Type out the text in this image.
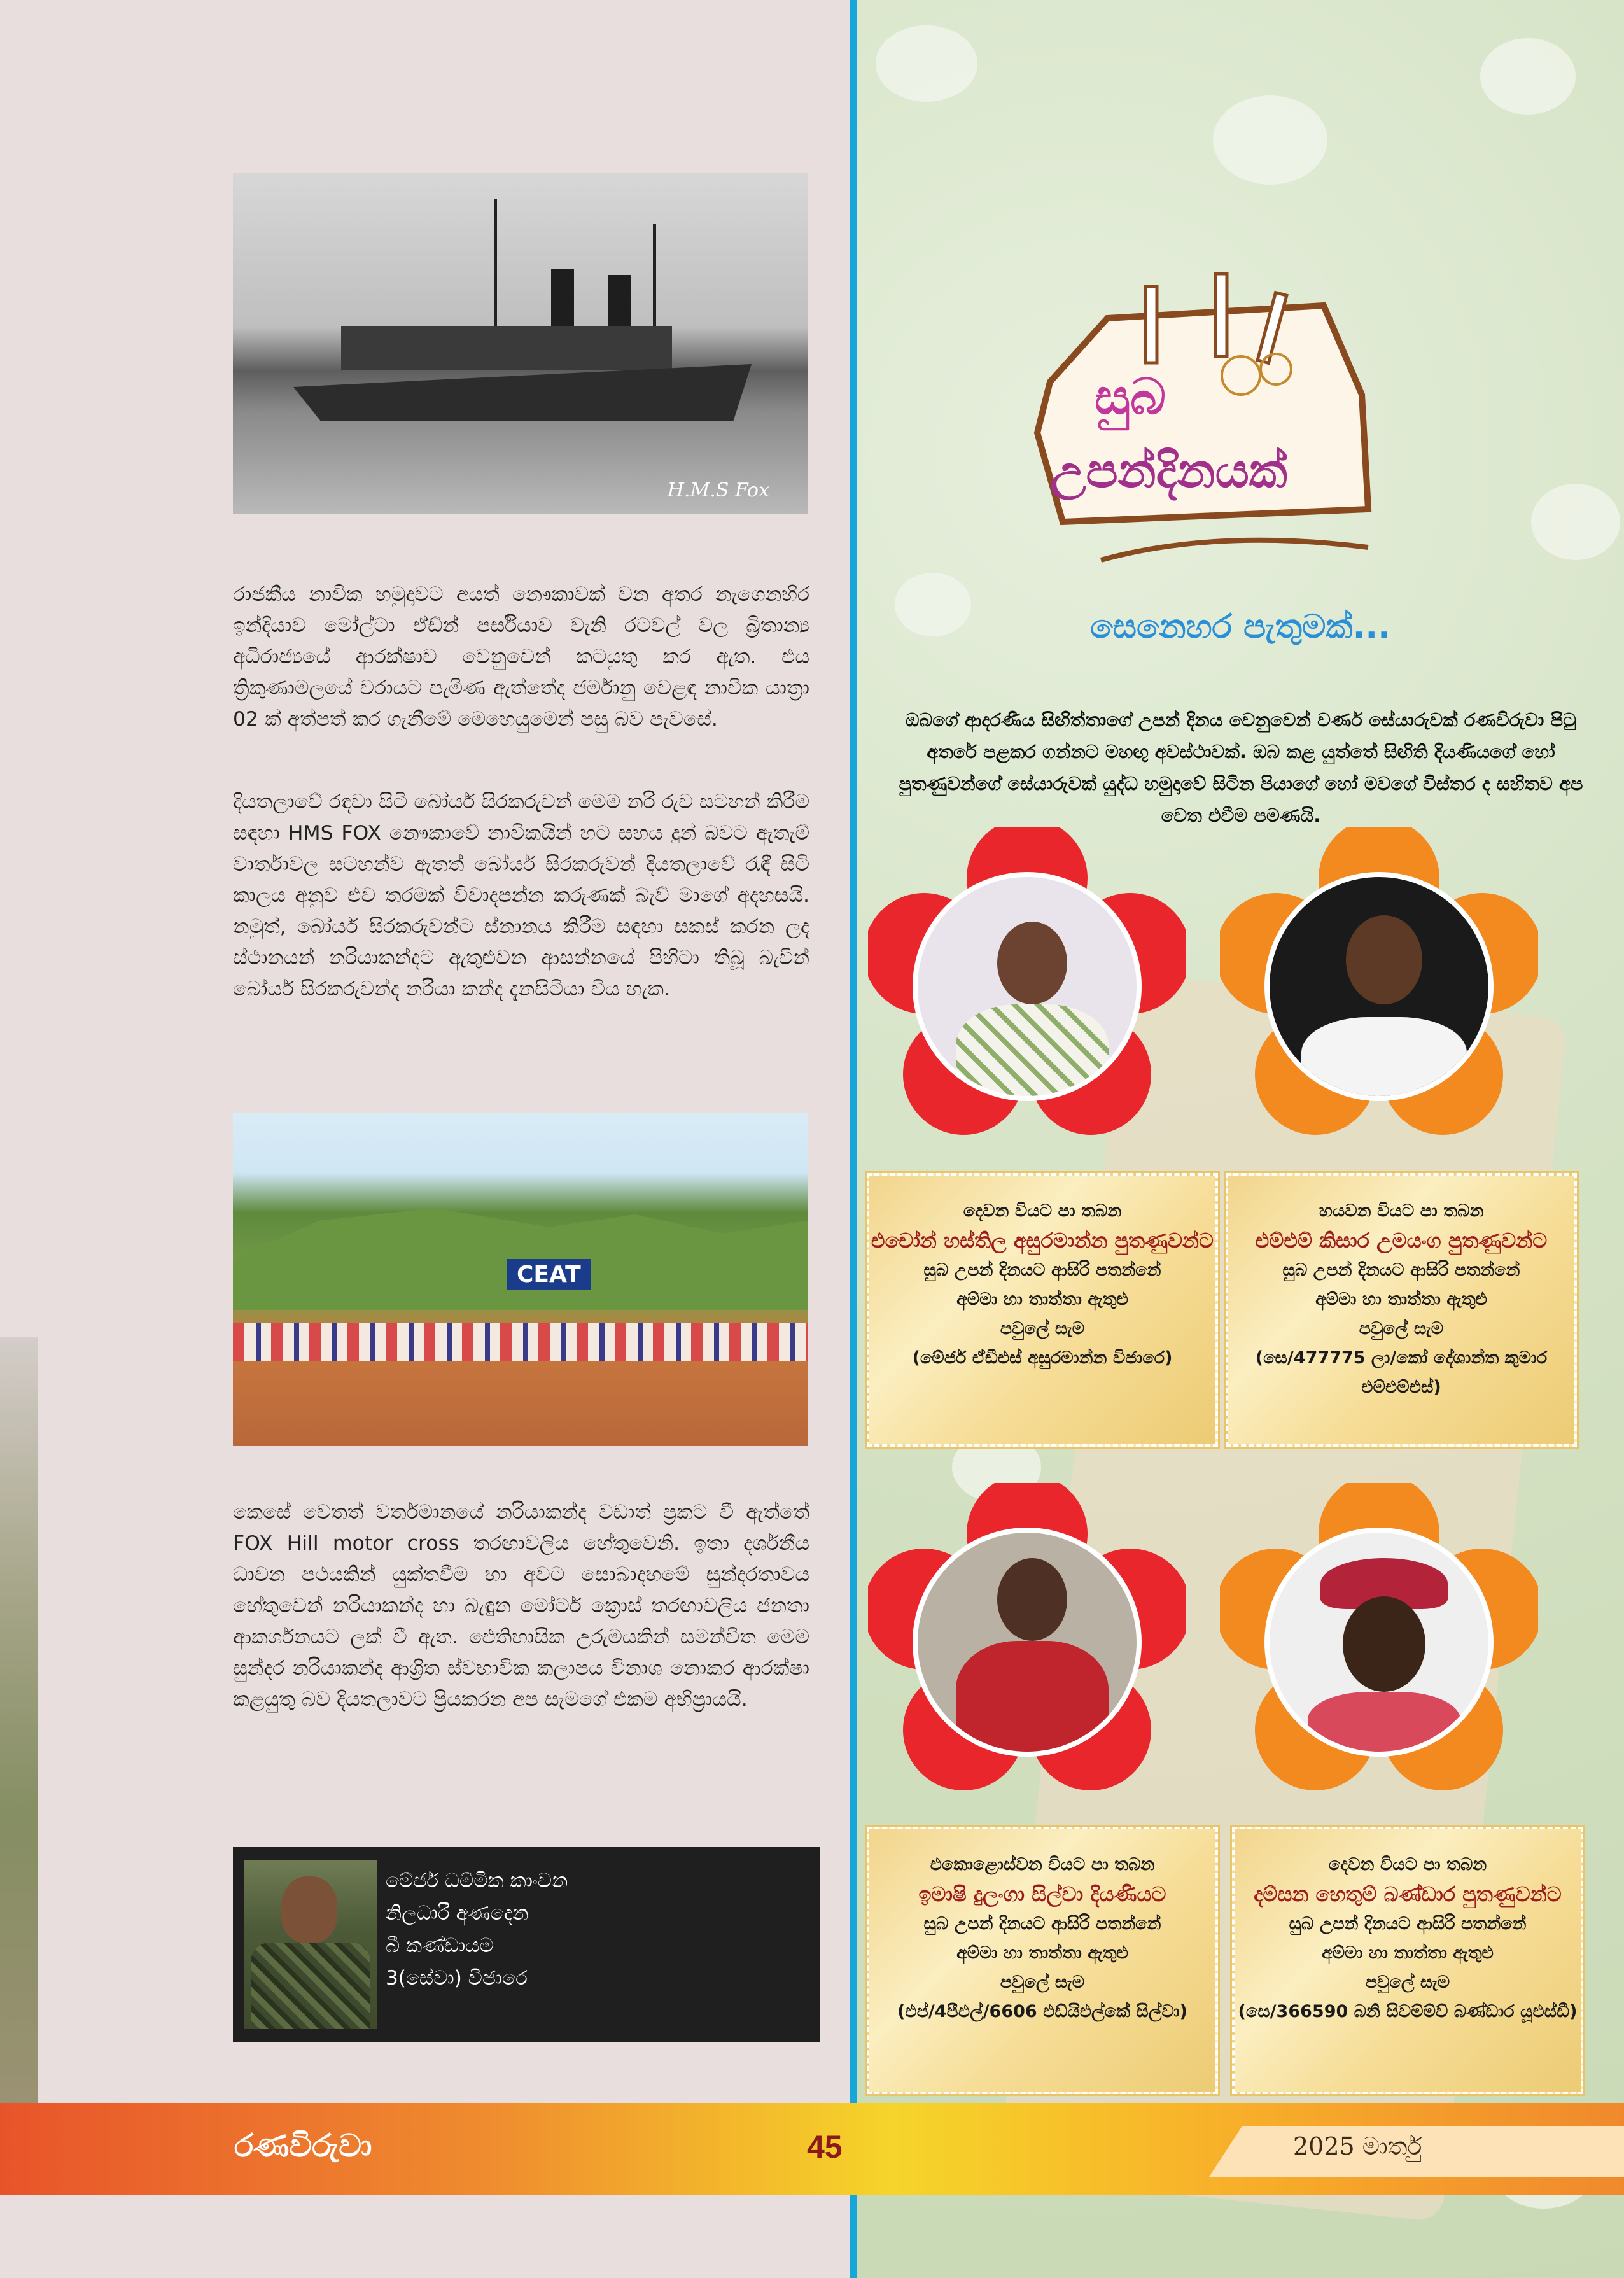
H.M.S Fox

රාජකීය නාවික හමුදාවට අයත් නෞකාවක් වන අතර නැගෙනහිර ඉන්දියාව මෝල්ටා ඒඩ්න් පර්සියාව වැනි රටවල් වල බ්‍රිතාන්‍ය අධිරාජ්‍යයේ ආරක්ෂාව වෙනුවෙන් කටයුතු කර ඇත. එය ත්‍රිකුණාමලයේ වරායට පැමිණ ඇත්තේද ජර්මානු වෙළඳ නාවික යාත්‍රා 02 ක් අත්පත් කර ගැනීමේ මෙහෙයුමෙන් පසු බව පැවසේ.

දියතලාවේ රඳවා සිටි බෝයර් සිරකරුවන් මෙම නරි රුව සටහන් කිරීම සඳහා HMS FOX නෞකාවේ නාවිකයින් හට සහය දුන් බවට ඇතැම් වාර්තාවල සටහන්ව ඇතත් බෝයර් සිරකරුවන් දියතලාවේ රැඳී සිටි කාලය අනුව එව තරමක් විවාදපන්න කරුණක් බැව් මාගේ අදහසයි. නමුත්, බෝයර් සිරකරුවන්ට ස්නානය කිරීම සඳහා සකස් කරන ලද ස්ථානයන් නරියාකන්දට ඇතුළුවන ආසන්නයේ පිහිටා තිබූ බැවින් බෝයර් සිරකරුවන්ද නරියා කන්ද දැනසිටියා විය හැක.

CEAT

කෙසේ වෙතත් වර්තමානයේ නරියාකන්ද වඩාත් ප්‍රකට වී ඇත්තේ FOX Hill motor cross තරඟාවලිය හේතුවෙනි. ඉතා දර්ශනීය ධාවන පථයකින් යුක්තවීම හා අවට සොබාදහමේ සුන්දරතාවය හේතුවෙන් නරියාකන්ද හා බැඳුන මෝටර් ක්‍රොස් තරඟාවලිය ජනතා ආකර්ශනයට ලක් වී ඇත. ඓතිහාසික උරුමයකින් සමන්විත මෙම සුන්දර නරියාකන්ද ආශ්‍රිත ස්වභාවික කලාපය විනාශ නොකර ආරක්ෂා කළයුතු බව දියතලාවට ප්‍රියකරන අප සැමගේ එකම අභිප්‍රායයි.

මේජර් ධම්මික කාංචන
නිලධාරී අණදෙන
බී කණ්ඩායම
3(සේවා) විජාරෙ
සුබ
උපන්දිනයක්
සෙනෙහර පැතුමක්...
ඔබගේ ආදරණීය සිඟිත්තාගේ උපන් දිනය වෙනුවෙන් වර්ණ සේයාරුවක් රණවිරුවා පිටු අතරේ පළකර ගන්නට මහඟු අවස්ථාවක්. ඔබ කළ යුත්තේ සිඟිති දියණියගේ හෝ පුතණුවන්ගේ සේයාරුවක් යුද්ධ හමුදාවේ සිටින පියාගේ හෝ මවගේ විස්තර ද සහිතව අප වෙත එවීම පමණයි.
දෙවන වියට පා තබන
එචෝන් හස්තිල අසුරමාන්න පුතණුවන්ට
සුබ උපන් දිනයට ආසිරි පතන්නේ
අම්මා හා තාත්තා ඇතුළු
පවුලේ සැම
(මේජර් ඒඩීඑස් අසුරමාන්න විජාරෙ)
හයවන වියට පා තබන
එම්එම් කිසාර උමයංග පුතණුවන්ට
සුබ උපන් දිනයට ආසිරි පතන්නේ
අම්මා හා තාත්තා ඇතුළු
පවුලේ සැම
(සෙ/477775 ලා/කෝ දේශාන්ත කුමාර එම්එම්එස්)
එකොළොස්වන වියට පා තබන
ඉමාෂි දුලංගා සිල්වා දියණියට
සුබ උපන් දිනයට ආසිරි පතන්නේ
අම්මා හා තාත්තා ඇතුළු
පවුලේ සැම
(එප්/4පීඑල්/6606 එඩ්යිඑල්කේ සිල්වා)
දෙවන වියට පා තබන
දම්සන හෙතුම් බණ්ඩාර පුතණුවන්ට
සුබ උපන් දිනයට ආසිරි පතන්නේ
අම්මා හා තාත්තා ඇතුළු
පවුලේ සැම
(සෙ/366590 බනි සිවම්ම්ව් බණ්ඩාර යූඑස්ඩී)
රණවිරුවා	45	2025 මාර්තු
